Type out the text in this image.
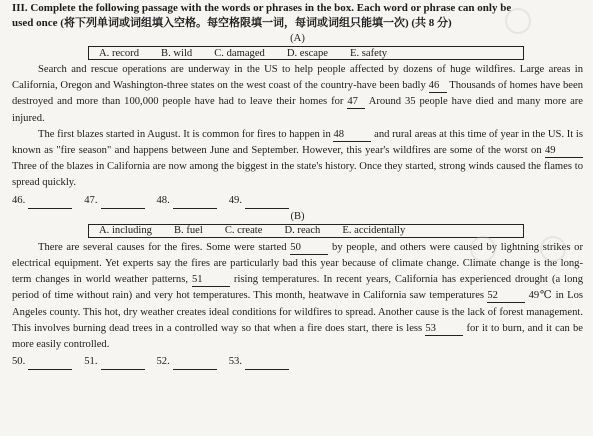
III. Complete the following passage with the words or phrases in the box. Each word or phrase can only be
used once (将下列单词或词组填入空格。每空格限填一词，每词或词组只能填一次) (共 8 分)

(A)
A. record B. wild C. damaged D. escape E. safety

Search and rescue operations are underway in the US to help people affected by dozens of huge wildfires. Large areas in California, Oregon and Washington-three states on the west coast of the country-have been badly 46 Thousands of homes have been destroyed and more than 100,000 people have had to leave their homes for 47 Around 35 people have died and many more are injured.

The first blazes started in August. It is common for fires to happen in 48	and rural areas at this time of year in the US. It is known as "fire season" and happens between June and September. However, this year's wildfires are some of the worst on 49 Three of the blazes in California are now among the biggest in the state's history. Once they started, strong winds caused the flames to spread quickly.

46.	47.	48.	49.
(B)
A. including B. fuel C. create D. reach E. accidentally

There are several causes for the fires. Some were started 50	by people, and others were caused by lightning strikes or electrical equipment. Yet experts say the fires are particularly bad this year because of climate change. Climate change is the long-term changes in world weather patterns, 51	rising temperatures. In recent years, California has experienced drought (a long period of time without rain) and very hot temperatures. This month, heatwave in California saw temperatures 52	49℃ in Los Angeles county. This hot, dry weather creates ideal conditions for wildfires to spread. Another cause is the lack of forest management. This involves burning dead trees in a controlled way so that when a fire does start, there is less 53	for it to burn, and it can be more easily controlled.

50.	51.	52.	53.
